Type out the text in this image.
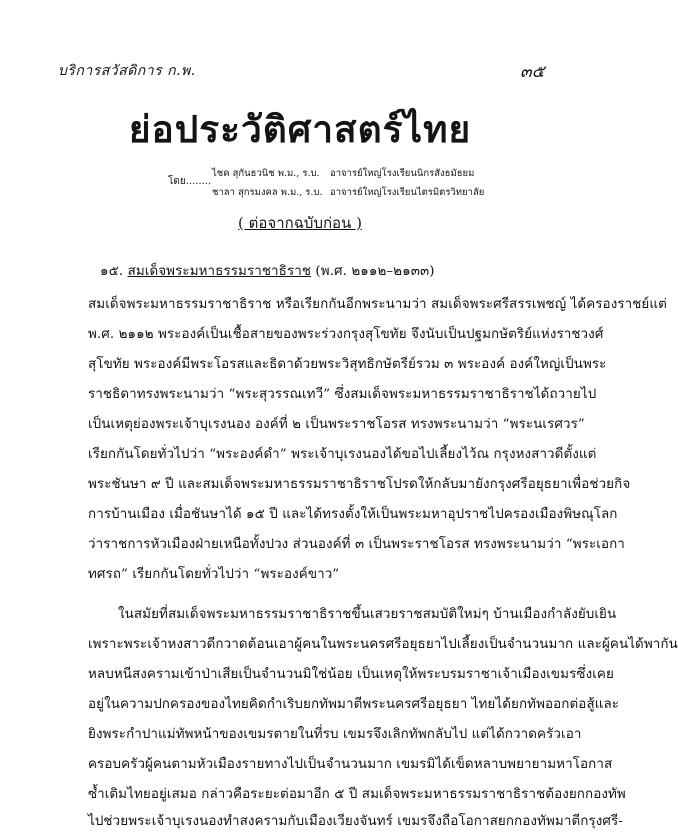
บริการสวัสดิการ ก.พ.	๓๕
ย่อประวัติศาสตร์ไทย
โดย........
ไชค สุกันธวนิช พ.ม., ร.บ. อาจารย์ใหญ่โรงเรียนนิกรสังธมัธยม
ชาลา สุกรมงคล พ.ม., ร.บ. อาจารย์ใหญ่โรงเรียนไตรมิตรวิทยาลัย
( ต่อจากฉบับก่อน )
๑๕. สมเด็จพระมหาธรรมราชาธิราช (พ.ศ. ๒๑๑๒–๒๑๓๓)
สมเด็จพระมหาธรรมราชาธิราช หรือเรียกกันอีกพระนามว่า สมเด็จพระศรีสรรเพชญ์ ได้ครองราชย์แต่
พ.ศ. ๒๑๑๒ พระองค์เป็นเชื้อสายของพระร่วงกรุงสุโขทัย จึงนับเป็นปฐมกษัตริย์แห่งราชวงศ์
สุโขทัย พระองค์มีพระโอรสและธิดาด้วยพระวิสุทธิกษัตรีย์รวม ๓ พระองค์ องค์ใหญ่เป็นพระ
ราชธิดาทรงพระนามว่า “พระสุวรรณเทวี” ซึ่งสมเด็จพระมหาธรรมราชาธิราชได้ถวายไป
เป็นเหตุย่องพระเจ้าบุเรงนอง องค์ที่ ๒ เป็นพระราชโอรส ทรงพระนามว่า “พระนเรศวร”
เรียกกันโดยทั่วไปว่า “พระองค์ดำ” พระเจ้าบุเรงนองได้ขอไปเลี้ยงไว้ณ กรุงหงสาวดีตั้งแต่
พระชันษา ๙ ปี และสมเด็จพระมหาธรรมราชาธิราชโปรดให้กลับมายังกรุงศรีอยุธยาเพื่อช่วยกิจ
การบ้านเมือง เมื่อชันษาได้ ๑๕ ปี และได้ทรงตั้งให้เป็นพระมหาอุปราชไปครองเมืองพิษณุโลก
ว่าราชการหัวเมืองฝ่ายเหนือทั้งปวง ส่วนองค์ที่ ๓ เป็นพระราชโอรส ทรงพระนามว่า “พระเอกา
ทศรถ” เรียกกันโดยทั่วไปว่า “พระองค์ขาว”
ในสมัยที่สมเด็จพระมหาธรรมราชาธิราชขึ้นเสวยราชสมบัติใหม่ๆ บ้านเมืองกำลังยับเยิน
เพราะพระเจ้าหงสาวดีกวาดต้อนเอาผู้คนในพระนครศรีอยุธยาไปเลี้ยงเป็นจำนวนมาก และผู้คนได้พากัน
หลบหนีสงครามเข้าป่าเสียเป็นจำนวนมิใช่น้อย เป็นเหตุให้พระบรมราชาเจ้าเมืองเขมรซึ่งเคย
อยู่ในความปกครองของไทยคิดกำเริบยกทัพมาตีพระนครศรีอยุธยา ไทยได้ยกทัพออกต่อสู้และ
ยิงพระกำปาแม่ทัพหน้าของเขมรตายในที่รบ เขมรจึงเลิกทัพกลับไป แต่ได้กวาดครัวเอา
ครอบครัวผู้คนตามหัวเมืองรายทางไปเป็นจำนวนมาก เขมรมิได้เข็ดหลาบพยายามหาโอกาส
ซ้ำเติมไทยอยู่เสมอ กล่าวคือระยะต่อมาอีก ๕ ปี สมเด็จพระมหาธรรมราชาธิราชต้องยกกองทัพ
ไปช่วยพระเจ้าบุเรงนองทำสงครามกับเมืองเวียงจันทร์ เขมรจึงถือโอกาสยกกองทัพมาตีกรุงศรี-
